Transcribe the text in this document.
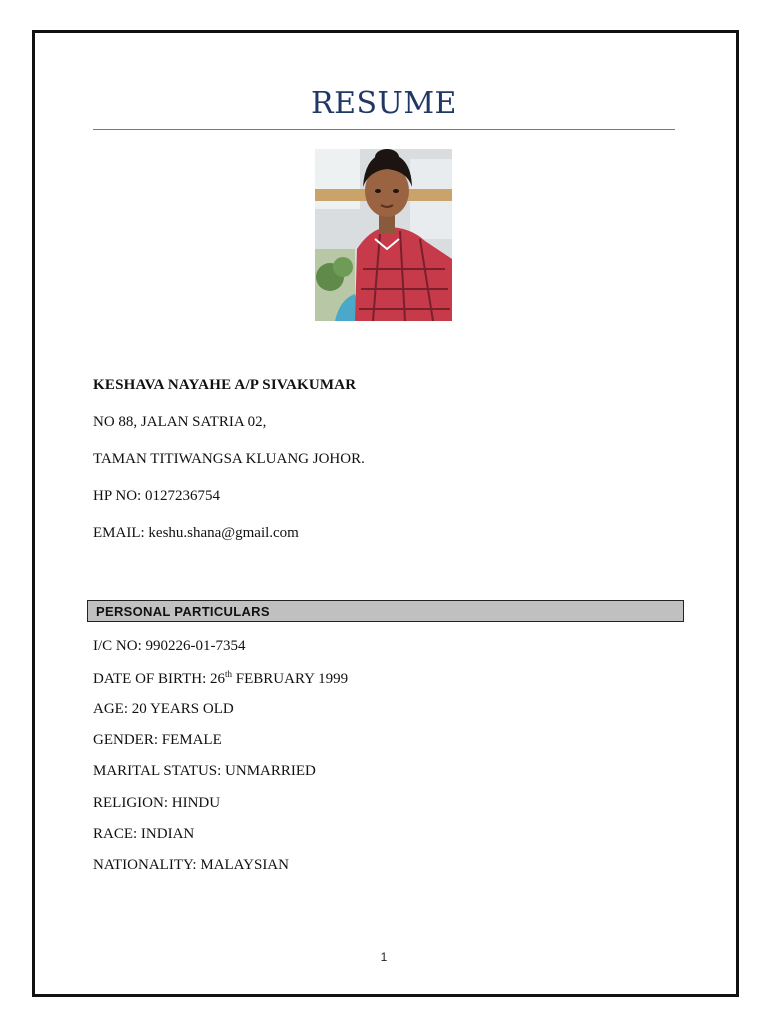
RESUME
KESHAVA NAYAHE A/P SIVAKUMAR
NO 88, JALAN SATRIA 02,
TAMAN TITIWANGSA KLUANG JOHOR.
HP NO: 0127236754
EMAIL: keshu.shana@gmail.com
PERSONAL PARTICULARS
I/C NO: 990226-01-7354
DATE OF BIRTH: 26th FEBRUARY 1999
AGE: 20 YEARS OLD
GENDER: FEMALE
MARITAL STATUS: UNMARRIED
RELIGION: HINDU
RACE: INDIAN
NATIONALITY: MALAYSIAN
1
